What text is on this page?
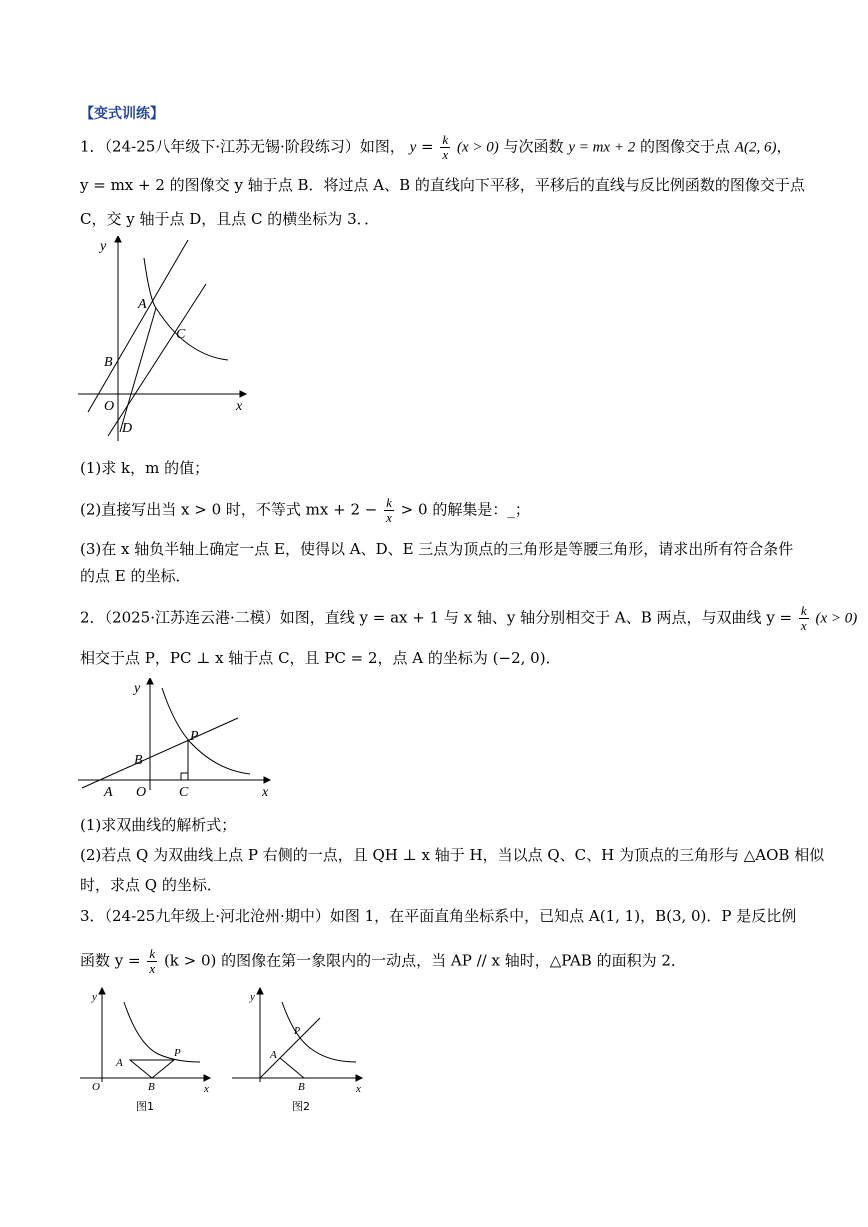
【变式训练】
1．（24-25八年级下·江苏无锡·阶段练习）如图， $y = \frac{k}{x} (x > 0)$ 与次函数 y = mx + 2 的图像交于点 A(2, 6)，
y = mx + 2 的图像交 y 轴于点 B．将过点 A、B 的直线向下平移，平移后的直线与反比例函数的图像交于点
C，交 y 轴于点 D，且点 C 的横坐标为 3．．
y
x
O
A
B
C
D
(1)求 k，m 的值；
(2)直接写出当 x > 0 时，不等式 mx + $2 - \frac{k}{x} > 0$ 的解集是：_；
(3)在 x 轴负半轴上确定一点 E，使得以 A、D、E 三点为顶点的三角形是等腰三角形，请求出所有符合条件
的点 E 的坐标．
2．（2025·江苏连云港·二模）如图，直线 y = ax + 1 与 x 轴、y 轴分别相交于 A、B 两点，与双曲线 $y = \frac{k}{x} (x > 0)$
相交于点 P，PC ⊥ x 轴于点 C，且 PC = 2，点 A 的坐标为 (−2, 0)．
y
x
O
A
B
C
P
(1)求双曲线的解析式；
(2)若点 Q 为双曲线上点 P 右侧的一点，且 QH ⊥ x 轴于 H，当以点 Q、C、H 为顶点的三角形与 △AOB 相似
时，求点 Q 的坐标．
3．（24-25九年级上·河北沧州·期中）如图 1，在平面直角坐标系中，已知点 A(1, 1)，B(3, 0)．P 是反比例
函数 $y = \frac{k}{x} (k > 0)$ 的图像在第一象限内的一动点，当 AP // x 轴时，△PAB 的面积为 2．
y
x
O
A
B
P
图1
y
x
A
B
P
图2
